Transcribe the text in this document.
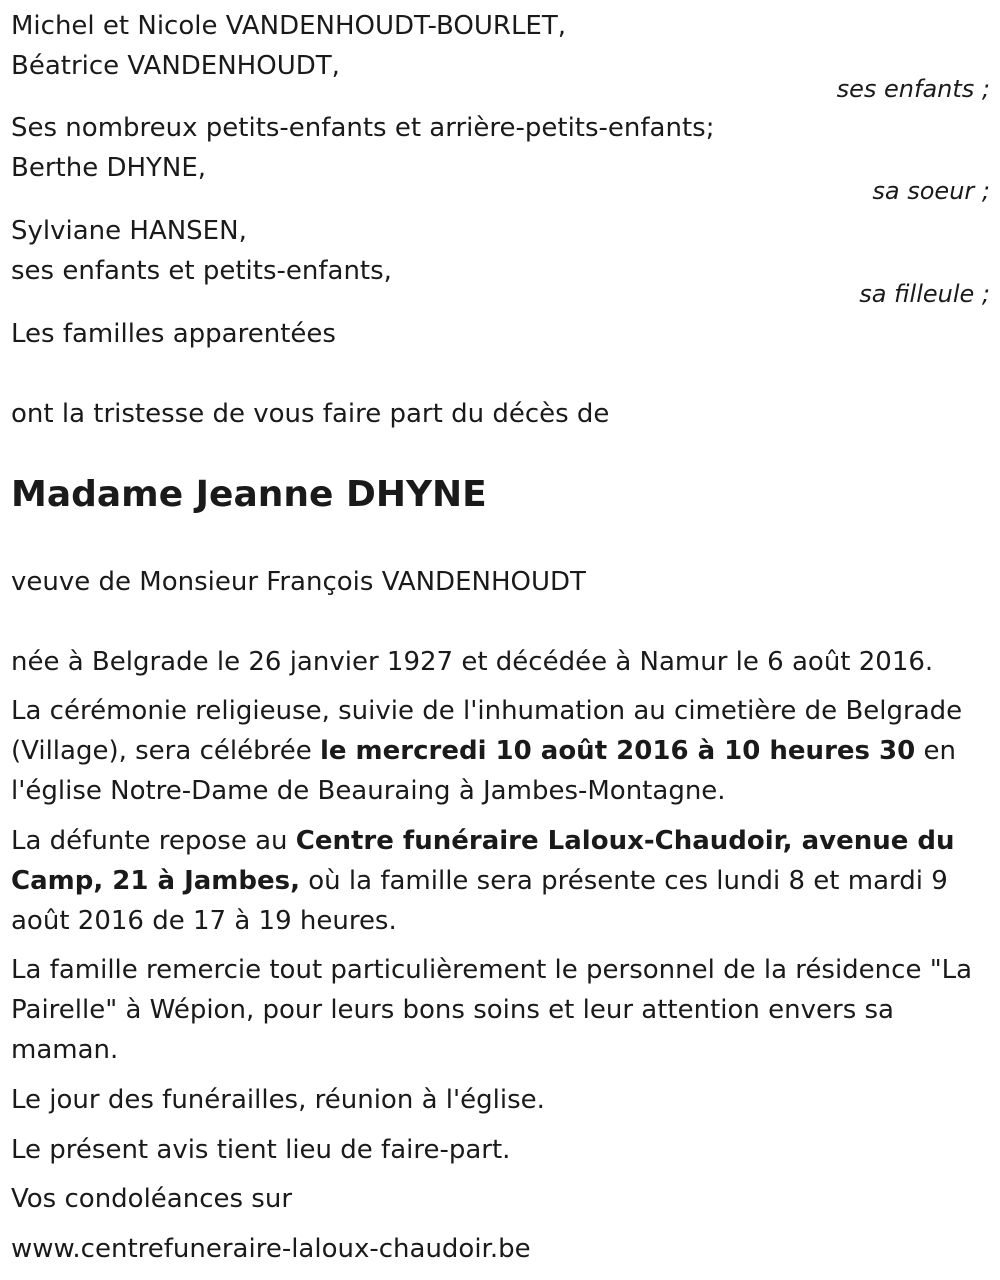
Michel et Nicole VANDENHOUDT-BOURLET,
Béatrice VANDENHOUDT,
ses enfants ;
Ses nombreux petits-enfants et arrière-petits-enfants;
Berthe DHYNE,
sa soeur ;
Sylviane HANSEN,
ses enfants et petits-enfants,
sa filleule ;
Les familles apparentées
ont la tristesse de vous faire part du décès de
Madame Jeanne DHYNE
veuve de Monsieur François VANDENHOUDT
née à Belgrade le 26 janvier 1927 et décédée à Namur le 6 août 2016.
La cérémonie religieuse, suivie de l'inhumation au cimetière de Belgrade (Village), sera célébrée le mercredi 10 août 2016 à 10 heures 30 en l'église Notre-Dame de Beauraing à Jambes-Montagne.
La défunte repose au Centre funéraire Laloux-Chaudoir, avenue du Camp, 21 à Jambes, où la famille sera présente ces lundi 8 et mardi 9 août 2016 de 17 à 19 heures.
La famille remercie tout particulièrement le personnel de la résidence "La Pairelle" à Wépion, pour leurs bons soins et leur attention envers sa maman.
Le jour des funérailles, réunion à l'église.
Le présent avis tient lieu de faire-part.
Vos condoléances sur
www.centrefuneraire-laloux-chaudoir.be
